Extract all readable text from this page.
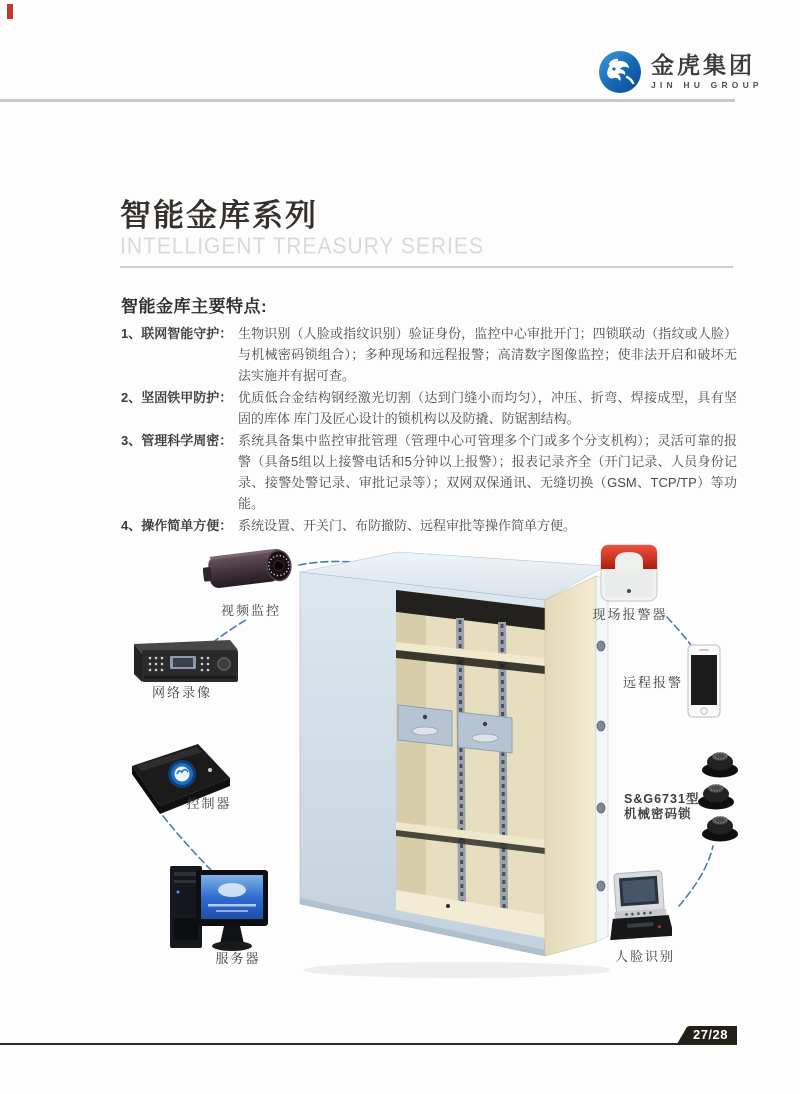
金虎集团
JIN HU GROUP
智能金库系列
INTELLIGENT TREASURY SERIES
智能金库主要特点:
1、联网智能守护： 生物识别（人脸或指纹识别）验证身份，监控中心审批开门；四锁联动（指纹或人脸）与机械密码锁组合）；多种现场和远程报警；高清数字图像监控；使非法开启和破坏无法实施并有据可查。
2、坚固铁甲防护： 优质低合金结构钢经激光切割（达到门缝小而均匀），冲压、折弯、焊接成型，具有坚固的库体 库门及匠心设计的锁机构以及防撬、防锯割结构。
3、管理科学周密： 系统具备集中监控审批管理（管理中心可管理多个门或多个分支机构）；灵活可靠的报警（具备5组以上接警电话和5分钟以上报警）；报表记录齐全（开门记录、人员身份记录、接警处警记录、审批记录等）；双网双保通讯、无缝切换（GSM、TCP/TP）等功能。
4、操作简单方便： 系统设置、开关门、布防撤防、远程审批等操作简单方便。
视频监控
网络录像
控制器
服务器
现场报警器
远程报警
S&G6731型
机械密码锁
人脸识别
27/28
